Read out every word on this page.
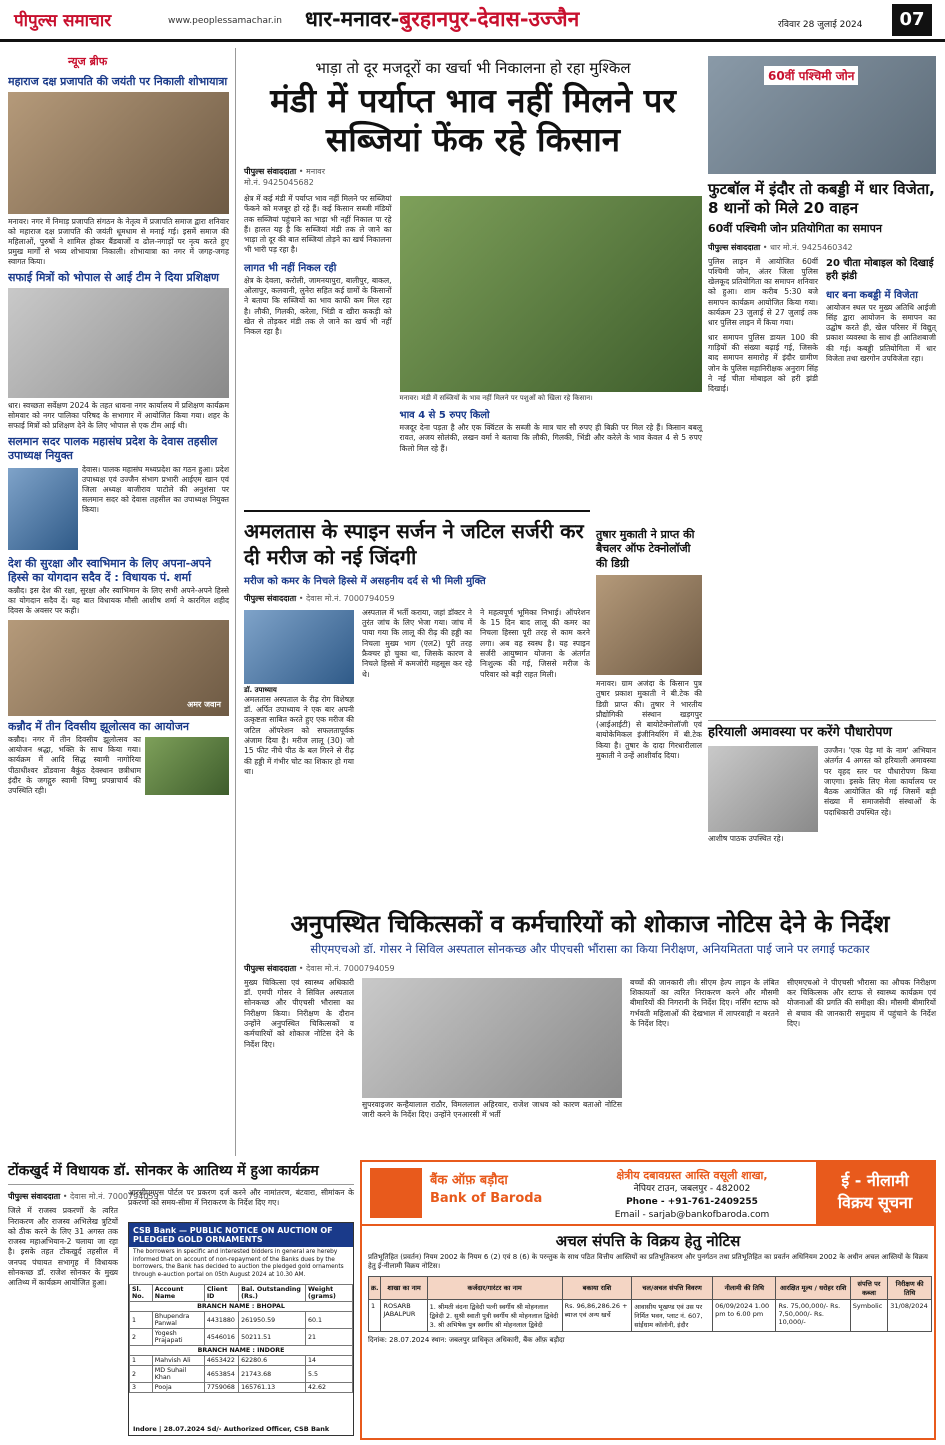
पीपुल्स समाचार	www.peoplessamachar.in धार-मनावर-बुरहानपुर-देवास-उज्जैन	रविवार 28 जुलाई 2024	07
न्यूज ब्रीफ
महाराज दक्ष प्रजापति की जयंती पर निकाली शोभायात्रा
मनावर। नगर में निमाड़ प्रजापति संगठन के नेतृत्व में प्रजापति समाज द्वारा शनिवार को महाराज दक्ष प्रजापति की जयंती धूमधाम से मनाई गई। इसमें समाज की महिलाओं, पुरुषों ने शामिल होकर बैंडबाजों व ढोल-नगाड़ों पर नृत्य करते हुए प्रमुख मार्गों से भव्य शोभायात्रा निकाली। शोभायात्रा का नगर में जगह-जगह स्वागत किया।
सफाई मित्रों को भोपाल से आई टीम ने दिया प्रशिक्षण
धार। स्वच्छता सर्वेक्षण 2024 के तहत धावना नगर कार्यालय में प्रशिक्षण कार्यक्रम सोमवार को नगर पालिका परिषद के सभागार में आयोजित किया गया। शहर के सफाई मित्रों को प्रशिक्षण देने के लिए भोपाल से एक टीम आई थी।
सलमान सदर पालक महासंघ प्रदेश के देवास तहसील उपाध्यक्ष नियुक्त
देवास। पालक महासंघ मध्यप्रदेश का गठन हुआ। प्रदेश उपाध्यक्ष एवं उज्जैन संभाग प्रभारी आईएम खान एवं जिला अध्यक्ष बाजीराव पाटोले की अनुशंसा पर सलमान सदर को देवास तहसील का उपाध्यक्ष नियुक्त किया।
देश की सुरक्षा और स्वाभिमान के लिए अपना-अपने हिस्से का योगदान सदैव दें : विधायक पं. शर्मा
कन्नौद। इस देश की रक्षा, सुरक्षा और स्वाभिमान के लिए सभी अपने-अपने हिस्से का योगदान सदैव दें। यह बात विधायक मौसी आशीष शर्मा ने कारगिल शहीद दिवस के अवसर पर कही।
अमर जवान
कन्नौद में तीन दिवसीय झूलोत्सव का आयोजन
कन्नौद। नगर में तीन दिवसीय झूलोत्सव का आयोजन श्रद्धा, भक्ति के साथ किया गया। कार्यक्रम में आदि सिद्ध स्वामी नागोरिया पीठाधीश्वर डोंडवाना बैकुंठ देवस्थान छत्रीधाम इंदौर के जगद्गुरु स्वामी विष्णु प्रपन्नाचार्य की उपस्थिति रही।
भाड़ा तो दूर मजदूरों का खर्चा भी निकालना हो रहा मुश्किल
मंडी में पर्याप्त भाव नहीं मिलने पर सब्जियां फेंक रहे किसान
पीपुल्स संवाददाता • मनावर
मो.नं. 9425045682
क्षेत्र में कई मंडी में पर्याप्त भाव नहीं मिलने पर सब्जियां फेंकने को मजबूर हो रहे हैं। कई किसान सब्जी मंडियों तक सब्जियां पहुंचाने का भाड़ा भी नहीं निकाल पा रहे हैं। हालत यह है कि सब्जियां मंडी तक ले जाने का भाड़ा तो दूर की बात सब्जियां तोड़ने का खर्च निकालना भी भारी पड़ रहा है।
लागत भी नहीं निकल रही
क्षेत्र के देवला, करोली, जामनयापुरा, बालीपुर, बाकल, ओलापुर, कलवानी, लुनेरा सहित कई ग्रामों के किसानों ने बताया कि सब्जियों का भाव काफी कम मिल रहा है। लौकी, गिलकी, करेला, भिंडी व खीरा ककड़ी को खेत से तोड़कर मंडी तक ले जाने का खर्च भी नहीं निकल रहा है।
मनावर। मंडी में सब्जियों के भाव नहीं मिलने पर पशुओं को खिला रहे किसान।
भाव 4 से 5 रुपए किलो
मजदूर देना पड़ता है और एक क्विंटल के सब्जी के मात्र चार सौ रुपए ही बिक्री पर मिल रहे हैं। किसान बबलू रावत, अजय सोलंकी, लखन वर्मा ने बताया कि लौकी, गिलकी, भिंडी और करेले के भाव केवल 4 से 5 रुपए किलो मिल रहे हैं।
अमलतास के स्पाइन सर्जन ने जटिल सर्जरी कर दी मरीज को नई जिंदगी
मरीज को कमर के निचले हिस्से में असहनीय दर्द से भी मिली मुक्ति
पीपुल्स संवाददाता • देवास मो.नं. 7000794059
डॉ. उपाध्याय
अमलतास अस्पताल के रीढ़ रोग विशेषज्ञ डॉ. अर्पित उपाध्याय ने एक बार अपनी उत्कृष्टता साबित करते हुए एक मरीज की जटिल ऑपरेशन को सफलतापूर्वक अंजाम दिया है। मरीज लालू (30) जो 15 फीट नीचे पीठ के बल गिरने से रीढ़ की हड्डी में गंभीर चोट का शिकार हो गया था।
अस्पताल में भर्ती कराया, जहां डॉक्टर ने तुरंत जांच के लिए भेजा गया। जांच में पाया गया कि लालू की रीढ़ की हड्डी का निचला मुख्य भाग (एल2) पूरी तरह फ्रैक्चर हो चुका था, जिसके कारण वे निचले हिस्से में कमजोरी महसूस कर रहे थे।
ने महत्वपूर्ण भूमिका निभाई। ऑपरेशन के 15 दिन बाद लालू की कमर का निचला हिस्सा पूरी तरह से काम करने लगा। अब वह स्वस्थ है। यह स्पाइन सर्जरी आयुष्मान योजना के अंतर्गत निःशुल्क की गई, जिससे मरीज के परिवार को बड़ी राहत मिली।
तुषार मुकाती ने प्राप्त की बैचलर ऑफ टेक्नोलॉजी की डिग्री
मनावर। ग्राम अजंदा के किसान पुत्र तुषार प्रकाश मुकाती ने बी.टेक की डिग्री प्राप्त की। तुषार ने भारतीय प्रौद्योगिकी संस्थान खड़गपुर (आईआईटी) से बायोटेक्नोलॉजी एवं बायोकेमिकल इंजीनियरिंग में बी.टेक किया है। तुषार के दादा गिरधारीलाल मुकाती ने उन्हें आशीर्वाद दिया।
60वीं पश्चिमी जोन
फुटबॉल में इंदौर तो कबड्डी में धार विजेता, 8 थानों को मिले 20 वाहन
60वीं पश्चिमी जोन प्रतियोगिता का समापन
पीपुल्स संवाददाता • धार मो.नं. 9425460342
पुलिस लाइन में आयोजित 60वीं पश्चिमी जोन, अंतर जिला पुलिस खेलकूद प्रतियोगिता का समापन शनिवार को हुआ। शाम करीब 5:30 बजे समापन कार्यक्रम आयोजित किया गया। कार्यक्रम 23 जुलाई से 27 जुलाई तक धार पुलिस लाइन में किया गया।
धार समापन पुलिस डायल 100 की गाड़ियों की संख्या बढ़ाई गई, जिसके बाद समापन समारोह में इंदौर ग्रामीण जोन के पुलिस महानिरीक्षक अनुराग सिंह ने नई चीता मोबाइल को हरी झंडी दिखाई।
20 चीता मोबाइल को दिखाई हरी झंडी
धार बना कबड्डी में विजेता
आयोजन स्थल पर मुख्य अतिथि आईजी सिंह द्वारा आयोजन के समापन का उद्घोष करते ही, खेल परिसर में विद्युत् प्रकाश व्यवस्था के साथ ही आतिशबाजी की गई। कबड्डी प्रतियोगिता में धार विजेता तथा खरगोन उपविजेता रहा।
हरियाली अमावस्या पर करेंगे पौधारोपण
आशीष पाठक उपस्थित रहे।
उज्जैन। 'एक पेड़ मां के नाम' अभियान अंतर्गत 4 अगस्त को हरियाली अमावस्या पर वृहद स्तर पर पौधारोपण किया जाएगा। इसके लिए मेला कार्यालय पर बैठक आयोजित की गई जिसमें बड़ी संख्या में समाजसेवी संस्थाओं के पदाधिकारी उपस्थित रहे।
अनुपस्थित चिकित्सकों व कर्मचारियों को शोकाज नोटिस देने के निर्देश
सीएमएचओ डॉ. गोसर ने सिविल अस्पताल सोनकच्छ और पीएचसी भौंरासा का किया निरीक्षण, अनियमितता पाई जाने पर लगाई फटकार
पीपुल्स संवाददाता • देवास मो.नं. 7000794059
मुख्य चिकित्सा एवं स्वास्थ्य अधिकारी डॉ. एमपी गोसर ने सिविल अस्पताल सोनकच्छ और पीएचसी भौरासा का निरीक्षण किया। निरीक्षण के दौरान उन्होंने अनुपस्थित चिकित्सकों व कर्मचारियों को शोकाज नोटिस देने के निर्देश दिए।
सुपरवाइजर कन्हैयालाल राठौर, विमललाल अहिरवार, राजेश जाधव को कारण बताओ नोटिस जारी करने के निर्देश दिए। उन्होंने एनआरसी में भर्ती
बच्चों की जानकारी ली। सीएम हेल्प लाइन के लंबित शिकायतों का त्वरित निराकरण करने और मौसमी बीमारियों की निगरानी के निर्देश दिए। नर्सिंग स्टाफ को गर्भवती महिलाओं की देखभाल में लापरवाही न बरतने के निर्देश दिए।
सीएमएचओ ने पीएचसी भौरासा का औचक निरीक्षण कर चिकित्सक और स्टाफ से स्वास्थ्य कार्यक्रम एवं योजनाओं की प्रगति की समीक्षा की। मौसमी बीमारियों से बचाव की जानकारी समुदाय में पहुंचाने के निर्देश दिए।
टोंकखुर्द में विधायक डॉ. सोनकर के आतिथ्य में हुआ कार्यक्रम
पीपुल्स संवाददाता • देवास मो.नं. 7000794059
जिले में राजस्व प्रकरणों के त्वरित निराकरण और राजस्व अभिलेख त्रुटियों को ठीक करने के लिए 31 अगस्त तक राजस्व महाअभियान-2 चलाया जा रहा है। इसके तहत टोंकखुर्द तहसील में जनपद पंचायत सभागृह में विधायक सोनकच्छ डॉ. राजेश सोनकर के मुख्य आतिथ्य में कार्यक्रम आयोजित हुआ।
आरसीएमएस पोर्टल पर प्रकरण दर्ज करने और नामांतरण, बंटवारा, सीमांकन के प्रकरणों को समय-सीमा में निराकरण के निर्देश दिए गए।
CSB Bank — PUBLIC NOTICE ON AUCTION OF PLEDGED GOLD ORNAMENTS
The borrowers in specific and interested bidders in general are hereby informed that on account of non-repayment of the Banks dues by the borrowers, the Bank has decided to auction the pledged gold ornaments through e-auction portal on 05th August 2024 at 10.30 AM.
Sl. No.	Account Name	Client ID	Bal. Outstanding (Rs.)	Weight (grams)
BRANCH NAME : BHOPAL				
1	Bhupendra Panwal	4431880	261950.59	60.1
2	Yogesh Prajapati	4546016	50211.51	21
BRANCH NAME : INDORE				
1	Mahvish Ali	4653422	62280.6	14
2	MD Suhail Khan	4653854	21743.68	5.5
3	Pooja	7759068	165761.13	42.62
Indore | 28.07.2024 Sd/- Authorized Officer, CSB Bank
बैंक ऑफ़ बड़ौदा
Bank of Baroda
क्षेत्रीय दबावग्रस्त आस्ति वसूली शाखा,
नेपियर टाउन, जबलपुर - 482002
Phone - +91-761-2409255
Email - sarjab@bankofbaroda.com
ई - नीलामी
विक्रय सूचना
अचल संपत्ति के विक्रय हेतु नोटिस
प्रतिभूतिहित (प्रवर्तन) नियम 2002 के नियम 6 (2) एवं 8 (6) के परन्तुक के साथ पठित वित्तीय आस्तियों का प्रतिभूतिकरण और पुनर्गठन तथा प्रतिभूतिहित का प्रवर्तन अधिनियम 2002 के अधीन अचल आस्तियों के विक्रय हेतु ई-नीलामी विक्रय नोटिस।
क्र.	शाखा का नाम	कर्जदार/गारंटर का नाम	बकाया राशि	चल/अचल संपत्ति विवरण	नीलामी की तिथि	आरक्षित मूल्य / धरोहर राशि	संपत्ति पर कब्जा	निरीक्षण की तिथि
1	ROSARB JABALPUR	1. श्रीमती वंदना द्विवेदी पत्नी स्वर्गीय श्री मोहनलाल द्विवेदी 2. सुश्री स्वाती पुत्री स्वर्गीय श्री मोहनलाल द्विवेदी 3. श्री अभिषेक पुत्र स्वर्गीय श्री मोहनलाल द्विवेदी	Rs. 96,86,286.26 + ब्याज एवं अन्य खर्चे	आवासीय भूखण्ड एवं उस पर निर्मित भवन, प्लाट नं. 607, सांईंधाम कॉलोनी, इंदौर	06/09/2024 1.00 pm to 6.00 pm	Rs. 75,00,000/- Rs. 7,50,000/- Rs. 10,000/-	Symbolic	31/08/2024
दिनांक: 28.07.2024 स्थान: जबलपुर प्राधिकृत अधिकारी, बैंक ऑफ़ बड़ौदा
